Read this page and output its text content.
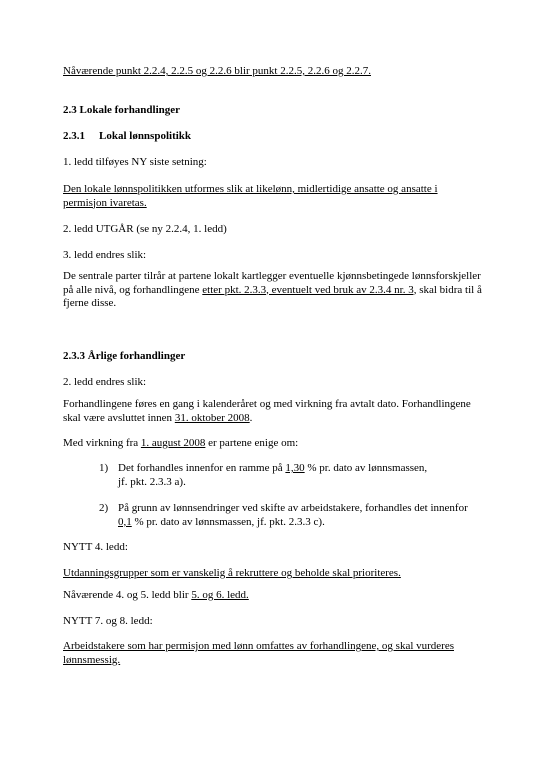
Nåværende punkt 2.2.4, 2.2.5 og 2.2.6 blir punkt 2.2.5, 2.2.6 og 2.2.7.

2.3 Lokale forhandlinger

2.3.1 Lokal lønnspolitikk

1. ledd tilføyes NY siste setning:

Den lokale lønnspolitikken utformes slik at likelønn, midlertidige ansatte og ansatte i permisjon ivaretas.

2. ledd UTGÅR (se ny 2.2.4, 1. ledd)

3. ledd endres slik:

De sentrale parter tilrår at partene lokalt kartlegger eventuelle kjønnsbetingede lønnsforskjeller på alle nivå, og forhandlingene etter pkt. 2.3.3, eventuelt ved bruk av 2.3.4 nr. 3, skal bidra til å fjerne disse.

2.3.3 Årlige forhandlinger

2. ledd endres slik:

Forhandlingene føres en gang i kalenderåret og med virkning fra avtalt dato. Forhandlingene skal være avsluttet innen 31. oktober 2008.

Med virkning fra 1. august 2008 er partene enige om:

1) Det forhandles innenfor en ramme på 1,30 % pr. dato av lønnsmassen, jf. pkt. 2.3.3 a).
2) På grunn av lønnsendringer ved skifte av arbeidstakere, forhandles det innenfor 0,1 % pr. dato av lønnsmassen, jf. pkt. 2.3.3 c).

NYTT 4. ledd:

Utdanningsgrupper som er vanskelig å rekruttere og beholde skal prioriteres.

Nåværende 4. og 5. ledd blir 5. og 6. ledd.

NYTT 7. og 8. ledd:

Arbeidstakere som har permisjon med lønn omfattes av forhandlingene, og skal vurderes lønnsmessig.
